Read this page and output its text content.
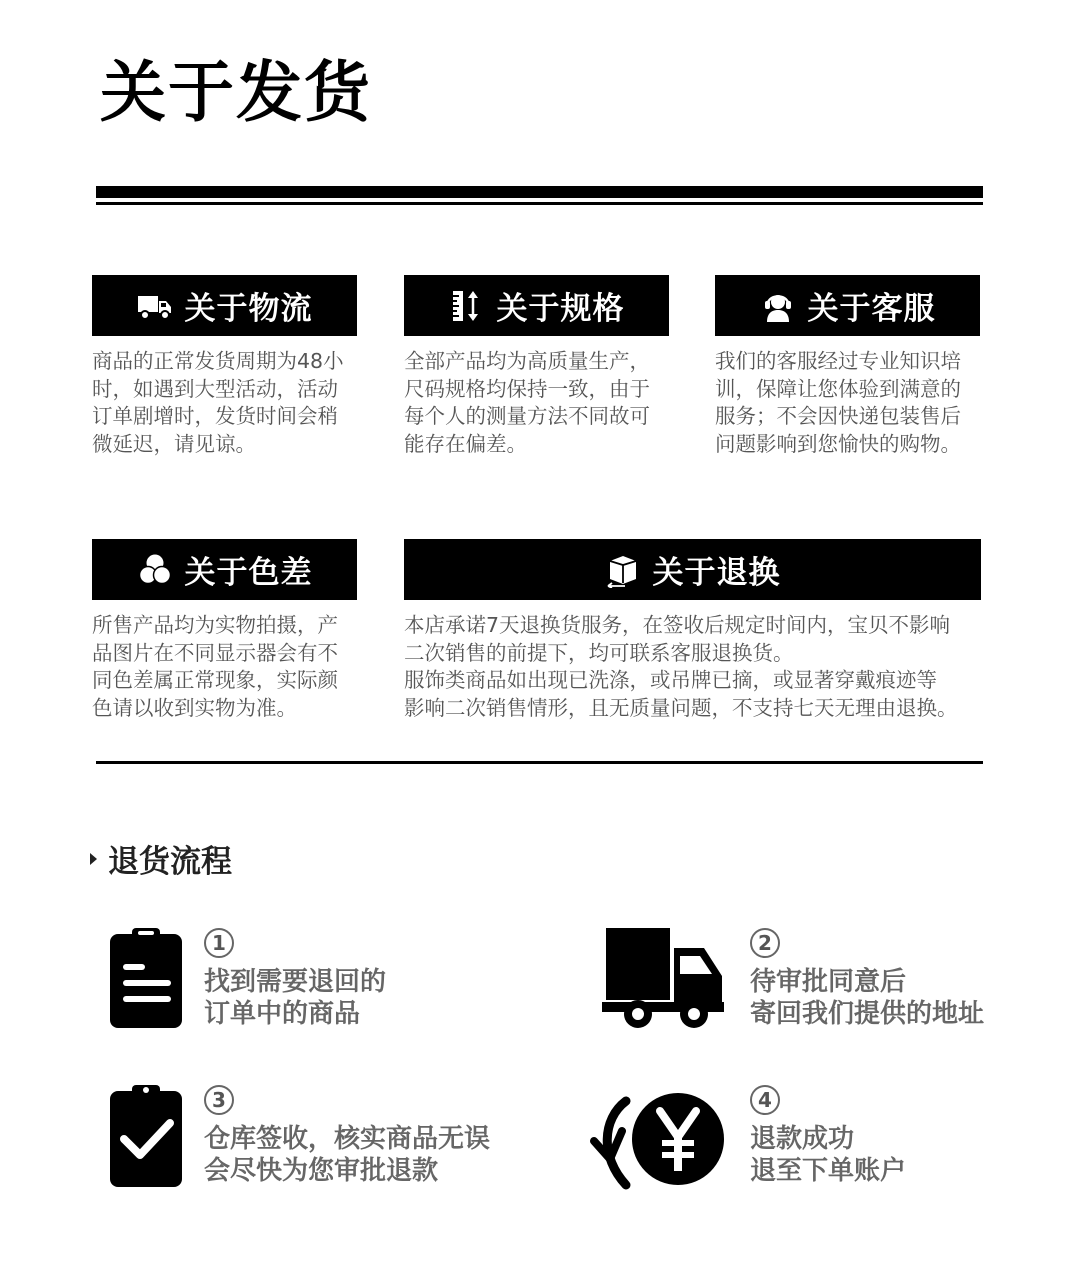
关于发货
关于物流
商品的正常发货周期为48小
时，如遇到大型活动，活动
订单剧增时，发货时间会稍
微延迟，请见谅。
关于规格
全部产品均为高质量生产，
尺码规格均保持一致，由于
每个人的测量方法不同故可
能存在偏差。
关于客服
我们的客服经过专业知识培
训，保障让您体验到满意的
服务；不会因快递包装售后
问题影响到您愉快的购物。
关于色差
所售产品均为实物拍摄，产
品图片在不同显示器会有不
同色差属正常现象，实际颜
色请以收到实物为准。
关于退换
本店承诺7天退换货服务，在签收后规定时间内，宝贝不影响
二次销售的前提下，均可联系客服退换货。
服饰类商品如出现已洗涤，或吊牌已摘，或显著穿戴痕迹等
影响二次销售情形，且无质量问题，不支持七天无理由退换。
退货流程
1
找到需要退回的
订单中的商品
2
待审批同意后
寄回我们提供的地址
3
仓库签收，核实商品无误
会尽快为您审批退款
4
退款成功
退至下单账户
